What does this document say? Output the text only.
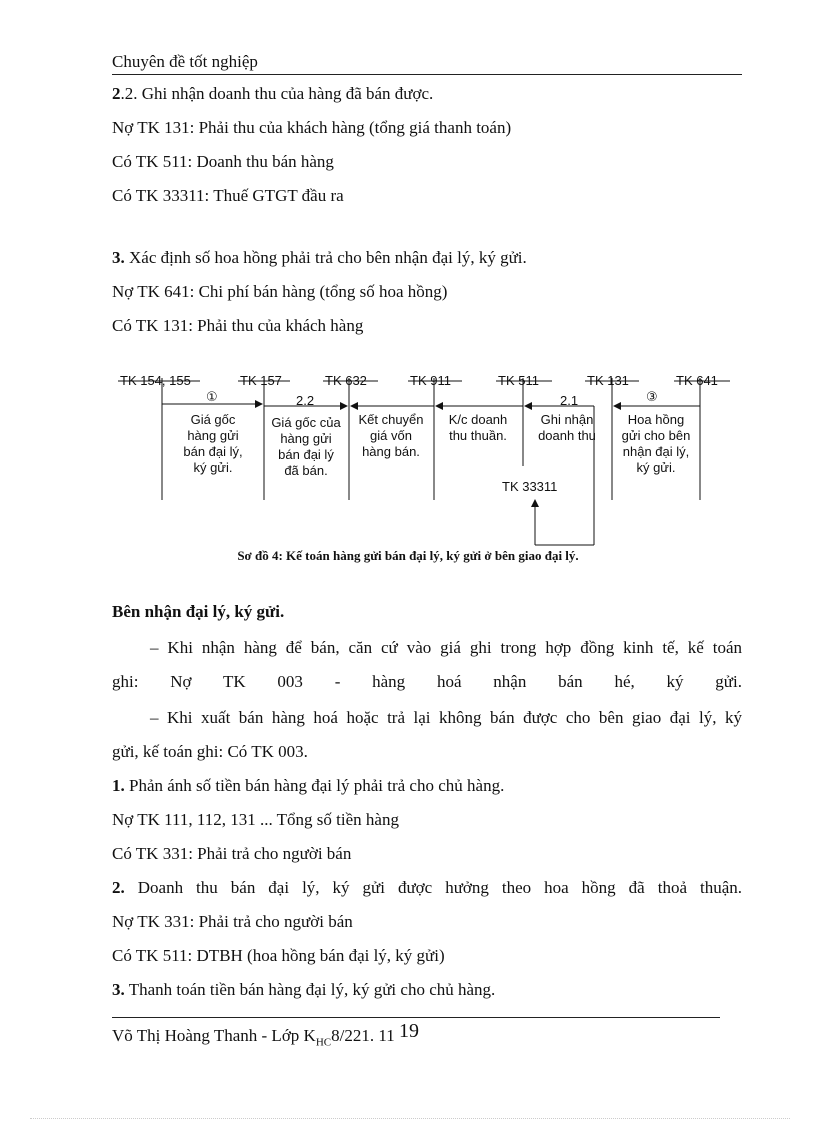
Chuyên đề tốt nghiệp
2.2. Ghi nhận doanh thu của hàng đã bán được.
Nợ TK 131: Phải thu của khách hàng (tổng giá thanh toán)
Có TK 511: Doanh thu bán hàng
Có TK 33311: Thuế GTGT đầu ra
3. Xác định số hoa hồng phải trả cho bên nhận đại lý, ký gửi.
Nợ TK 641: Chi phí bán hàng (tổng số hoa hồng)
Có TK 131: Phải thu của khách hàng
TK 154, 155	TK 157	TK 632	TK 911	TK 511	TK 131	TK 641
①	2.2	2.1	③
TK 33311
Giá gốc
hàng gửi
bán đại lý,
ký gửi.
Giá gốc của
hàng gửi
bán đại lý
đã bán.
Kết chuyển
giá vốn
hàng bán.
K/c doanh
thu thuần.
Ghi nhận
doanh thu
Hoa hồng
gửi cho bên
nhận đại lý,
ký gửi.
Sơ đồ 4: Kế toán hàng gửi bán đại lý, ký gửi ở bên giao đại lý.
Bên nhận đại lý, ký gửi.
– Khi nhận hàng để bán, căn cứ vào giá ghi trong hợp đồng kinh tế, kế toán
ghi: Nợ TK 003 - hàng hoá nhận bán hé, ký gửi.
– Khi xuất bán hàng hoá hoặc trả lại không bán được cho bên giao đại lý, ký
gửi, kế toán ghi: Có TK 003.
1. Phản ánh số tiền bán hàng đại lý phải trả cho chủ hàng.
Nợ TK 111, 112, 131 ... Tổng số tiền hàng
Có TK 331: Phải trả cho người bán
2. Doanh thu bán đại lý, ký gửi được hưởng theo hoa hồng đã thoả thuận.
Nợ TK 331: Phải trả cho người bán
Có TK 511: DTBH (hoa hồng bán đại lý, ký gửi)
3. Thanh toán tiền bán hàng đại lý, ký gửi cho chủ hàng.
Võ Thị Hoàng Thanh - Lớp $K_{HC}8/221$. 11 19
